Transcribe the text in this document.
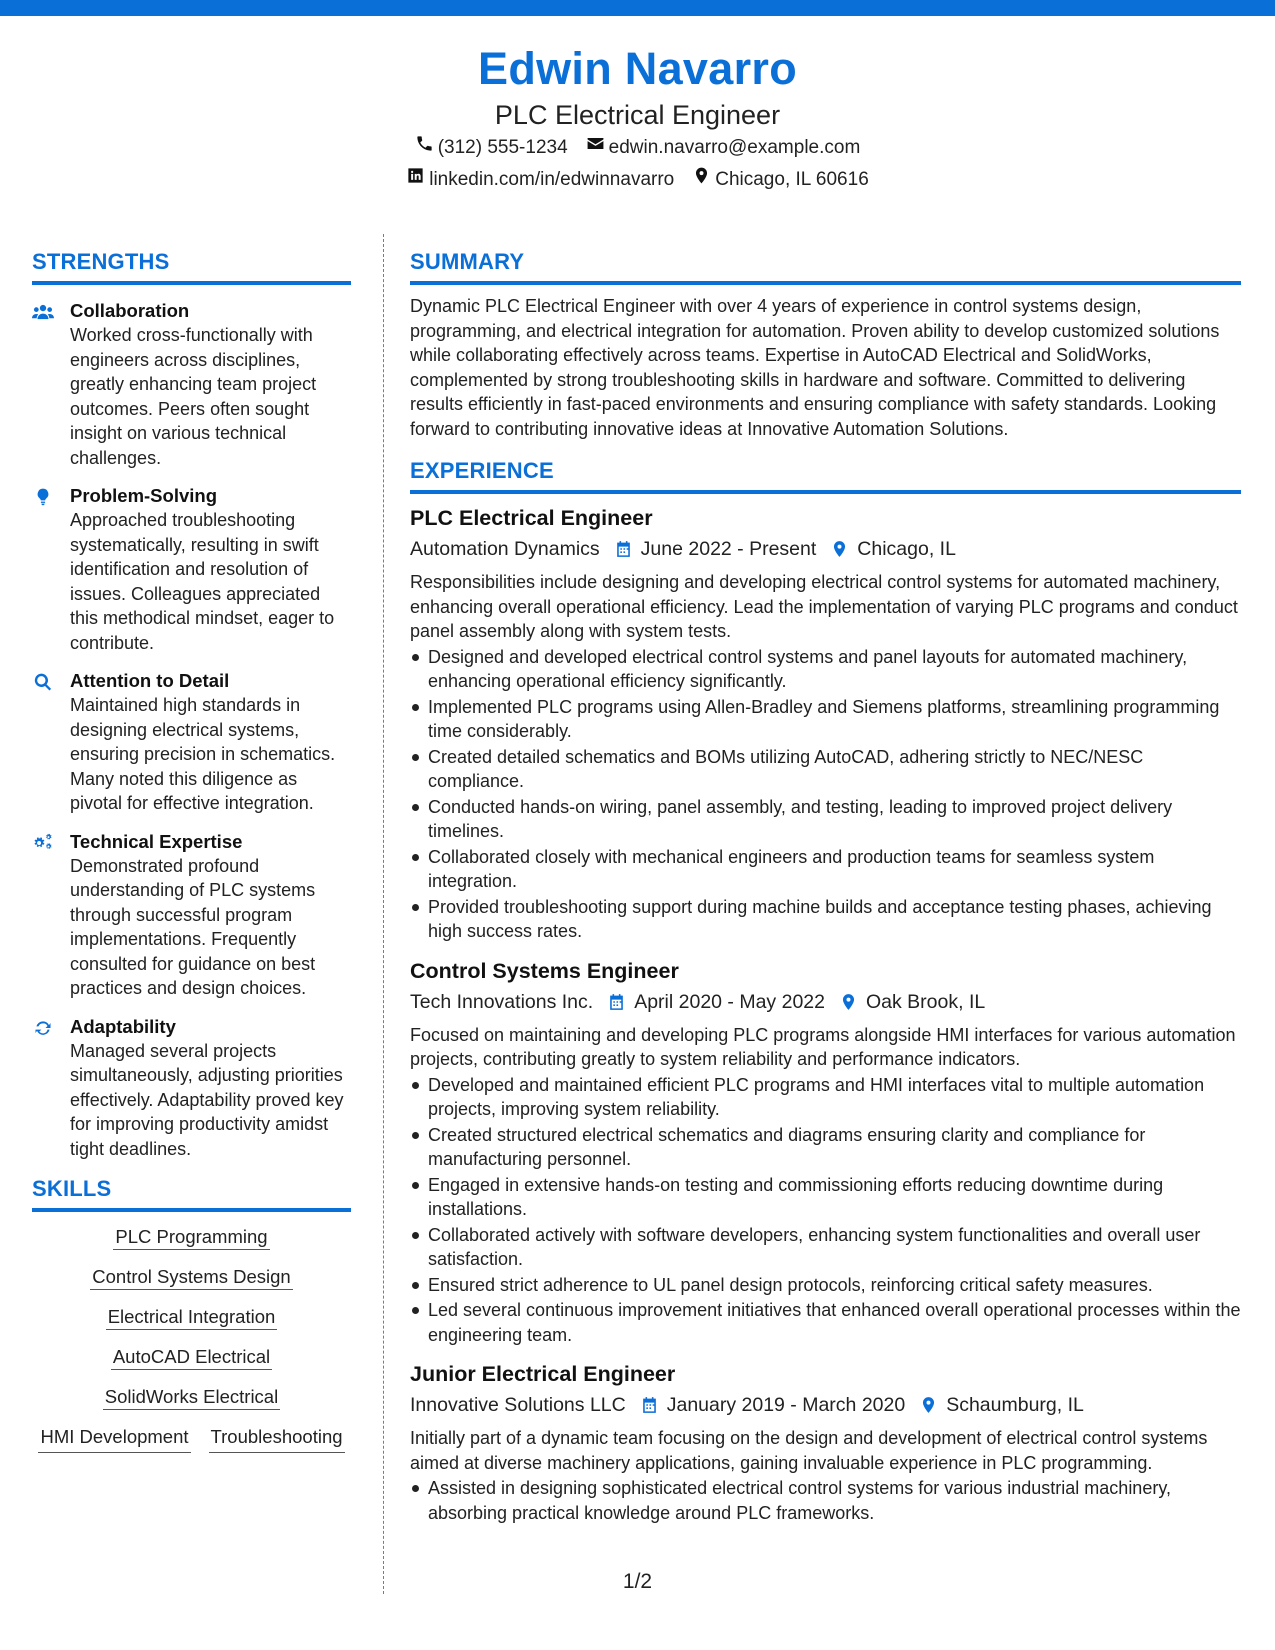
Edwin Navarro
PLC Electrical Engineer
(312) 555-1234 edwin.navarro@example.com
linkedin.com/in/edwinnavarro Chicago, IL 60616
STRENGTHS
Collaboration
Worked cross-functionally with engineers across disciplines, greatly enhancing team project outcomes. Peers often sought insight on various technical challenges.
Problem-Solving
Approached troubleshooting systematically, resulting in swift identification and resolution of issues. Colleagues appreciated this methodical mindset, eager to contribute.
Attention to Detail
Maintained high standards in designing electrical systems, ensuring precision in schematics. Many noted this diligence as pivotal for effective integration.
Technical Expertise
Demonstrated profound understanding of PLC systems through successful program implementations. Frequently consulted for guidance on best practices and design choices.
Adaptability
Managed several projects simultaneously, adjusting priorities effectively. Adaptability proved key for improving productivity amidst tight deadlines.
SKILLS
PLC Programming
Control Systems Design
Electrical Integration
AutoCAD Electrical
SolidWorks Electrical
HMI Development Troubleshooting
SUMMARY
Dynamic PLC Electrical Engineer with over 4 years of experience in control systems design, programming, and electrical integration for automation. Proven ability to develop customized solutions while collaborating effectively across teams. Expertise in AutoCAD Electrical and SolidWorks, complemented by strong troubleshooting skills in hardware and software. Committed to delivering results efficiently in fast-paced environments and ensuring compliance with safety standards. Looking forward to contributing innovative ideas at Innovative Automation Solutions.
EXPERIENCE
PLC Electrical Engineer
Automation Dynamics June 2022 - Present Chicago, IL
Responsibilities include designing and developing electrical control systems for automated machinery, enhancing overall operational efficiency. Lead the implementation of varying PLC programs and conduct panel assembly along with system tests.
Designed and developed electrical control systems and panel layouts for automated machinery, enhancing operational efficiency significantly.
Implemented PLC programs using Allen-Bradley and Siemens platforms, streamlining programming time considerably.
Created detailed schematics and BOMs utilizing AutoCAD, adhering strictly to NEC/NESC compliance.
Conducted hands-on wiring, panel assembly, and testing, leading to improved project delivery timelines.
Collaborated closely with mechanical engineers and production teams for seamless system integration.
Provided troubleshooting support during machine builds and acceptance testing phases, achieving high success rates.
Control Systems Engineer
Tech Innovations Inc. April 2020 - May 2022 Oak Brook, IL
Focused on maintaining and developing PLC programs alongside HMI interfaces for various automation projects, contributing greatly to system reliability and performance indicators.
Developed and maintained efficient PLC programs and HMI interfaces vital to multiple automation projects, improving system reliability.
Created structured electrical schematics and diagrams ensuring clarity and compliance for manufacturing personnel.
Engaged in extensive hands-on testing and commissioning efforts reducing downtime during installations.
Collaborated actively with software developers, enhancing system functionalities and overall user satisfaction.
Ensured strict adherence to UL panel design protocols, reinforcing critical safety measures.
Led several continuous improvement initiatives that enhanced overall operational processes within the engineering team.
Junior Electrical Engineer
Innovative Solutions LLC January 2019 - March 2020 Schaumburg, IL
Initially part of a dynamic team focusing on the design and development of electrical control systems aimed at diverse machinery applications, gaining invaluable experience in PLC programming.
Assisted in designing sophisticated electrical control systems for various industrial machinery, absorbing practical knowledge around PLC frameworks.
1/2
